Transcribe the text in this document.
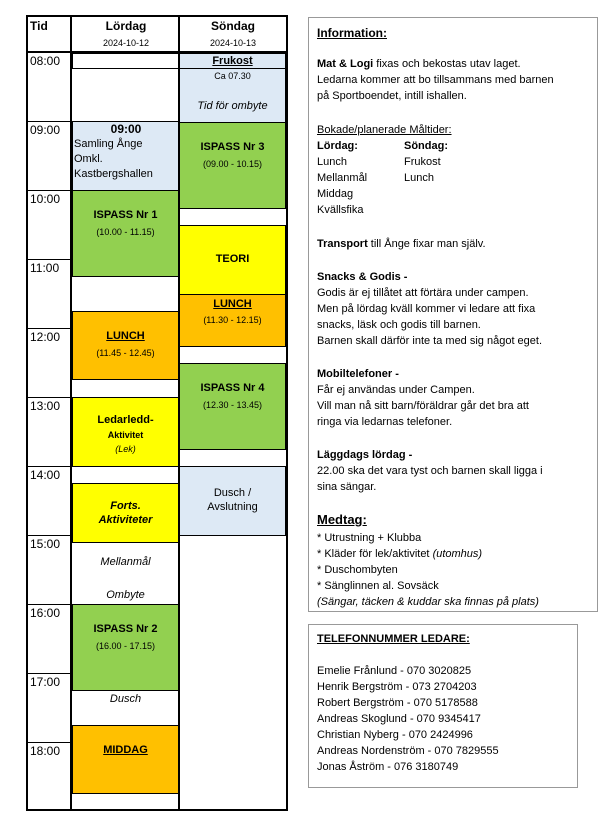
Tid	Lördag
2024-10-12
Söndag
2024-10-13
08:00
09:00
10:00
11:00
12:00
13:00
14:00
15:00
16:00
17:00
18:00
09:00
Samling Ånge
Omkl.
Kastbergshallen
ISPASS Nr 1
(10.00 - 11.15)
LUNCH
(11.45 - 12.45)
Ledarledd-
Aktivitet
(Lek)
Forts.
Aktiviteter
Mellanmål
Ombyte
ISPASS Nr 2
(16.00 - 17.15)
Dusch
MIDDAG
Frukost
Ca 07.30
Tid för ombyte
ISPASS Nr 3
(09.00 - 10.15)
TEORI
LUNCH
(11.30 - 12.15)
ISPASS Nr 4
(12.30 - 13.45)
Dusch /
Avslutning
Information:
Mat & Logi fixas och bekostas utav laget.
Ledarna kommer att bo tillsammans med barnen
på Sportboendet, intill ishallen.
Bokade/planerade Måltider:
Lördag:	Söndag:
Lunch
Mellanmål
Middag
Kvällsfika
Frukost
Lunch
Transport till Ånge fixar man själv.
Snacks & Godis -
Godis är ej tillåtet att förtära under campen.
Men på lördag kväll kommer vi ledare att fixa
snacks, läsk och godis till barnen.
Barnen skall därför inte ta med sig något eget.
Mobiltelefoner -
Får ej användas under Campen.
Vill man nå sitt barn/föräldrar går det bra att
ringa via ledarnas telefoner.
Läggdags lördag -
22.00 ska det vara tyst och barnen skall ligga i
sina sängar.
Medtag:
* Utrustning + Klubba
* Kläder för lek/aktivitet (utomhus)
* Duschombyten
* Sänglinnen al. Sovsäck
(Sängar, täcken & kuddar ska finnas på plats)
TELEFONNUMMER LEDARE:
Emelie Frånlund - 070 3020825
Henrik Bergström - 073 2704203
Robert Bergström - 070 5178588
Andreas Skoglund - 070 9345417
Christian Nyberg - 070 2424996
Andreas Nordenström - 070 7829555
Jonas Åström - 076 3180749
